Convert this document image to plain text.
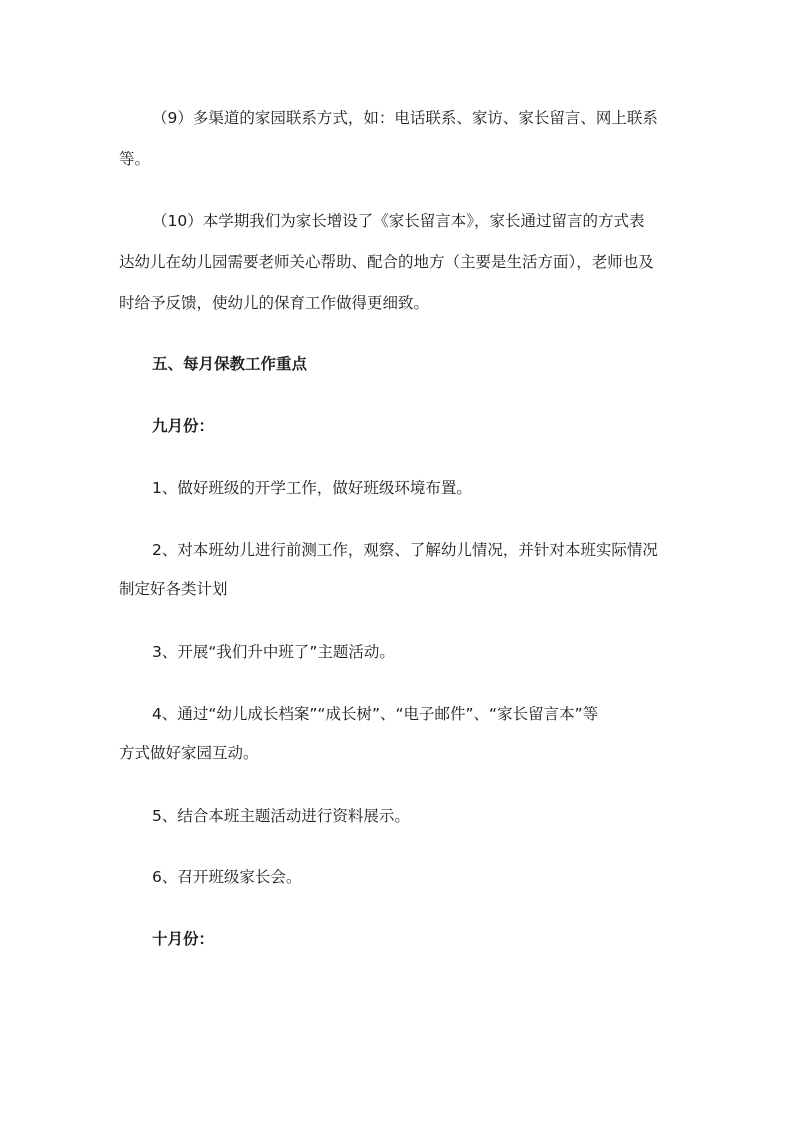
（9）多渠道的家园联系方式，如：电话联系、家访、家长留言、网上联系

等。

（10）本学期我们为家长增设了《家长留言本》，家长通过留言的方式表

达幼儿在幼儿园需要老师关心帮助、配合的地方（主要是生活方面），老师也及

时给予反馈，使幼儿的保育工作做得更细致。

五、每月保教工作重点

九月份：

1、做好班级的开学工作，做好班级环境布置。

2、对本班幼儿进行前测工作，观察、了解幼儿情况，并针对本班实际情况

制定好各类计划

3、开展“我们升中班了”主题活动。

4、通过“幼儿成长档案”“成长树”、“电子邮件”、“家长留言本”等

方式做好家园互动。

5、结合本班主题活动进行资料展示。

6、召开班级家长会。

十月份：
